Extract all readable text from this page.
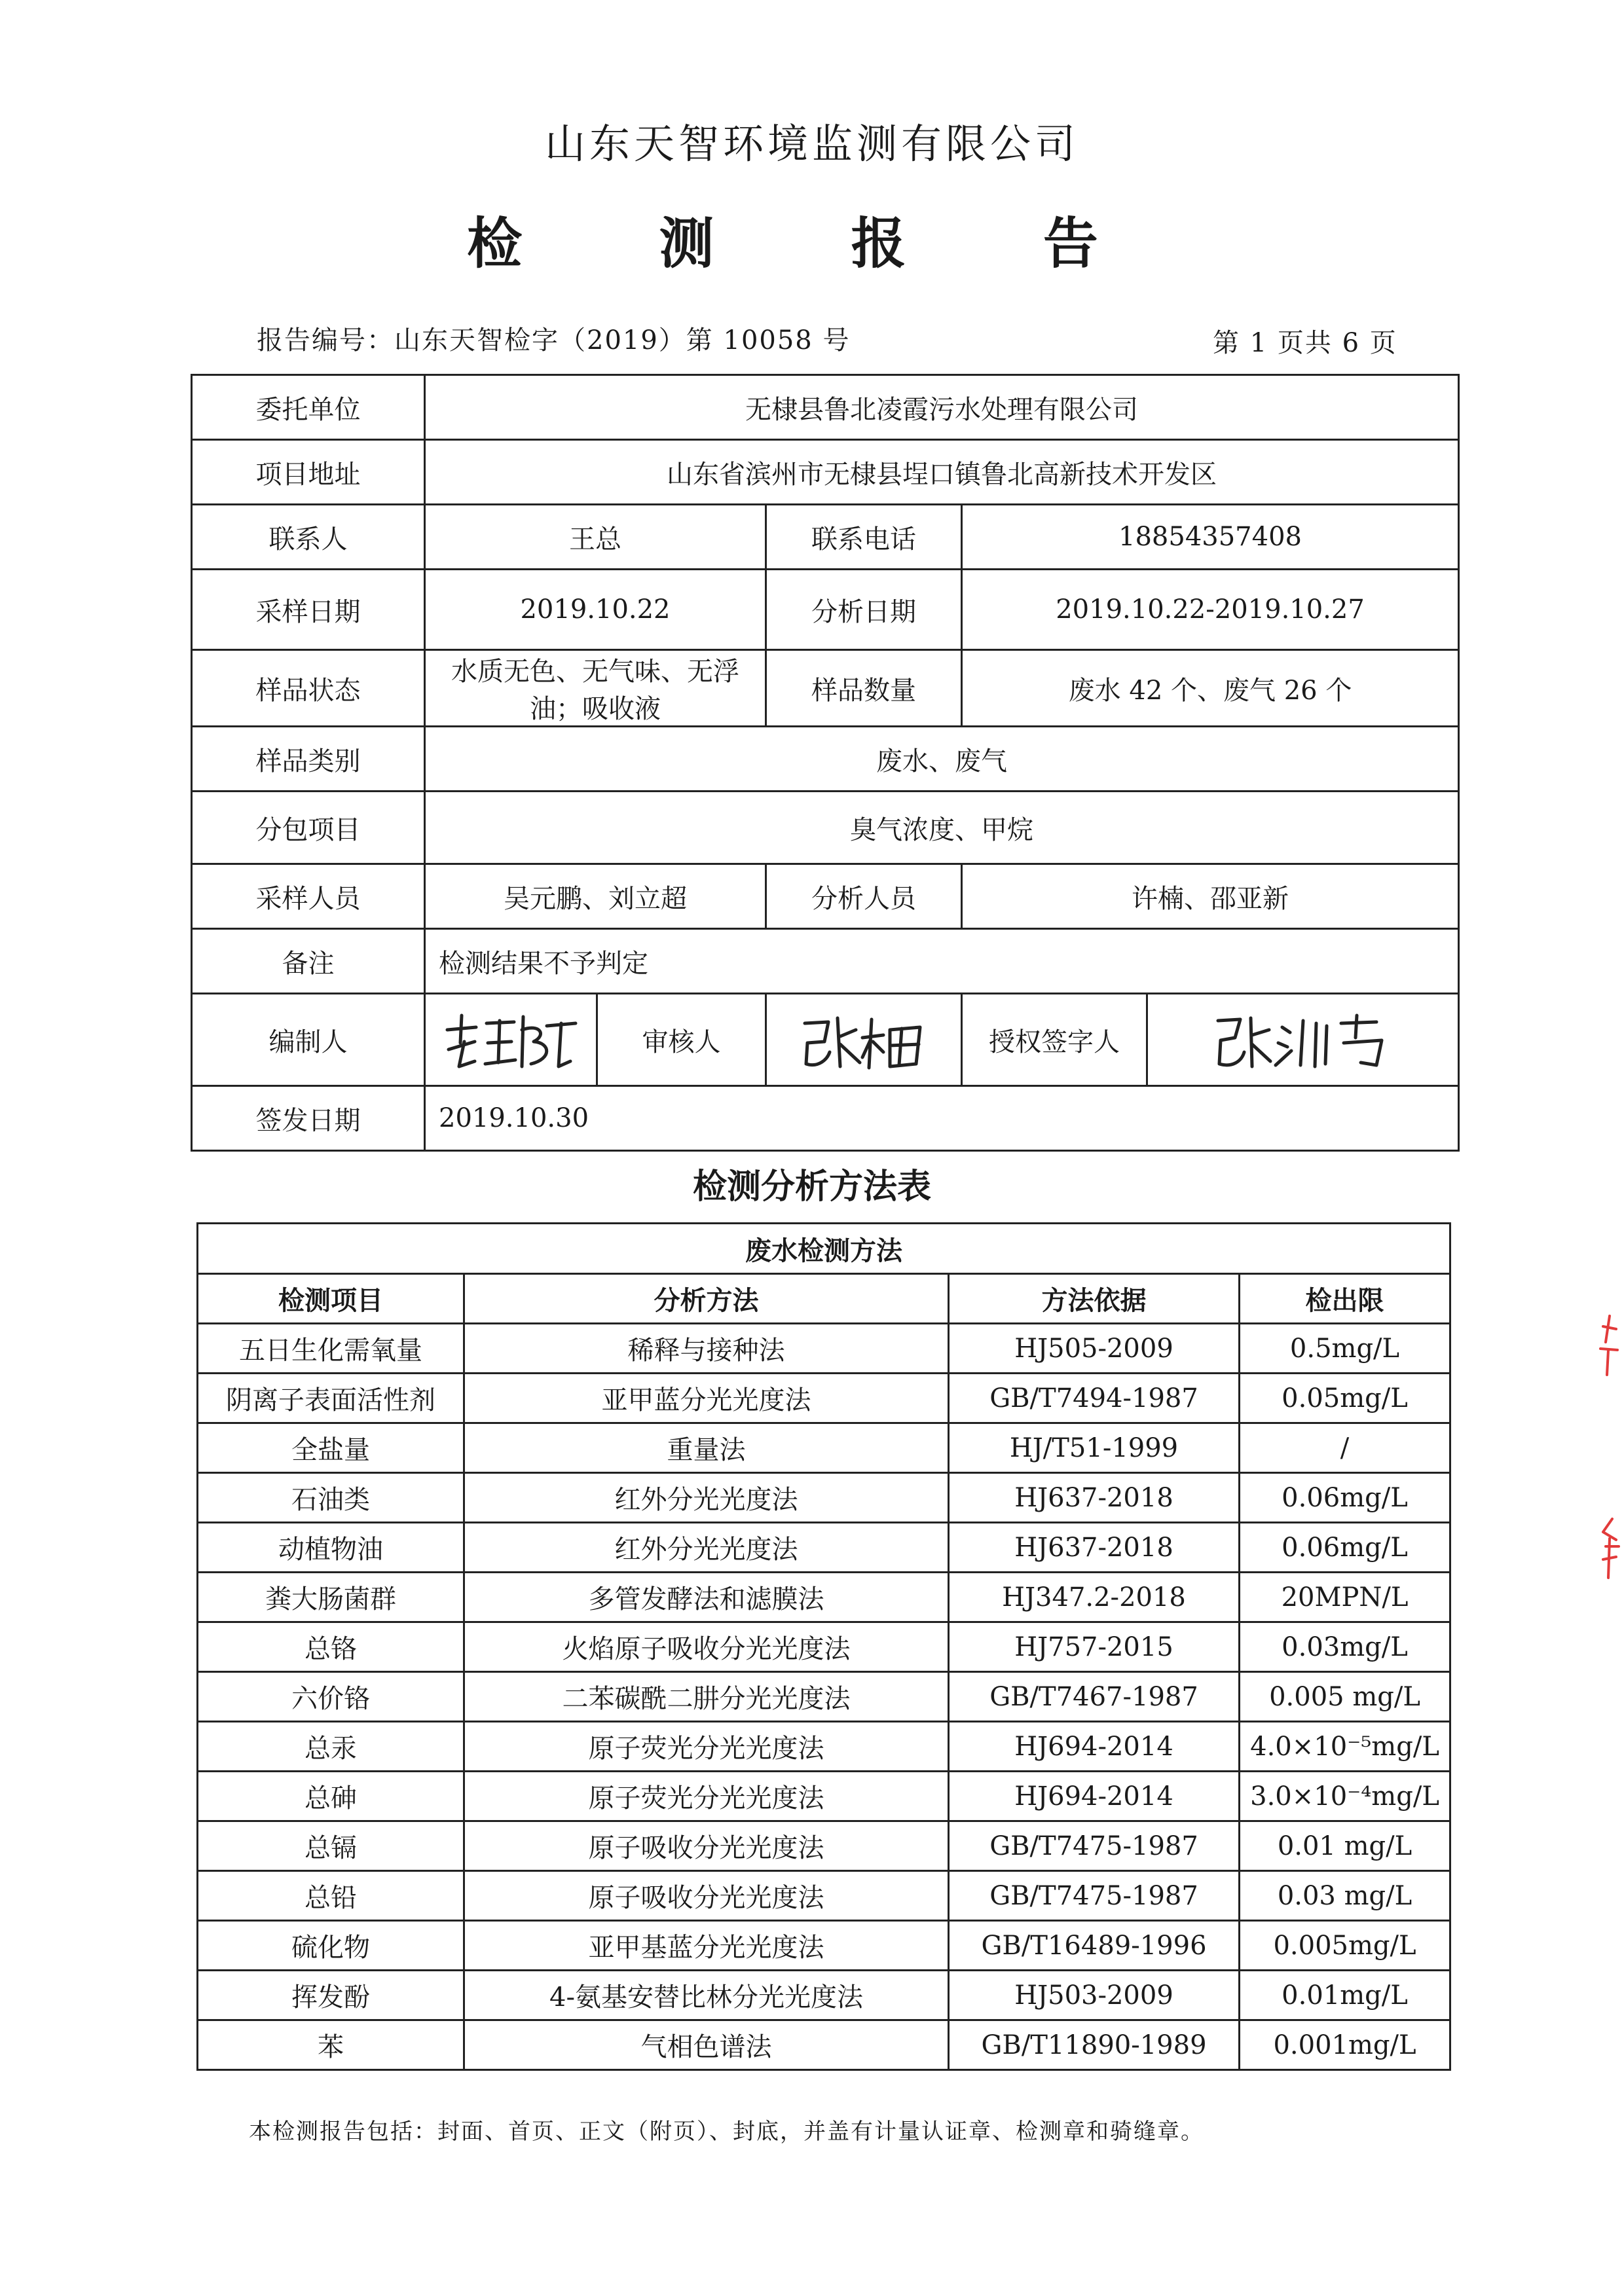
山东天智环境监测有限公司
检 测 报 告
报告编号：山东天智检字（2019）第 10058 号	第 1 页共 6 页
委托单位	无棣县鲁北凌霞污水处理有限公司				
项目地址	山东省滨州市无棣县埕口镇鲁北高新技术开发区				
联系人	王总		联系电话	18854357408	
采样日期	2019.10.22		分析日期	2019.10.22-2019.10.27	
样品状态	水质无色、无气味、无浮油；吸收液		样品数量	废水 42 个、废气 26 个	
样品类别	废水、废气				
分包项目	臭气浓度、甲烷				
采样人员	吴元鹏、刘立超		分析人员	许楠、邵亚新	
备注	检测结果不予判定				
编制人		审核人		授权签字人	

签发日期	2019.10.30				
检测分析方法表
废水检测方法			
检测项目	分析方法	方法依据	检出限
五日生化需氧量	稀释与接种法	HJ505-2009	0.5mg/L
阴离子表面活性剂	亚甲蓝分光光度法	GB/T7494-1987	0.05mg/L
全盐量	重量法	HJ/T51-1999	/
石油类	红外分光光度法	HJ637-2018	0.06mg/L
动植物油	红外分光光度法	HJ637-2018	0.06mg/L
粪大肠菌群	多管发酵法和滤膜法	HJ347.2-2018	20MPN/L
总铬	火焰原子吸收分光光度法	HJ757-2015	0.03mg/L
六价铬	二苯碳酰二肼分光光度法	GB/T7467-1987	0.005 mg/L
总汞	原子荧光分光光度法	HJ694-2014	4.0×10⁻⁵mg/L
总砷	原子荧光分光光度法	HJ694-2014	3.0×10⁻⁴mg/L
总镉	原子吸收分光光度法	GB/T7475-1987	0.01 mg/L
总铅	原子吸收分光光度法	GB/T7475-1987	0.03 mg/L
硫化物	亚甲基蓝分光光度法	GB/T16489-1996	0.005mg/L
挥发酚	4-氨基安替比林分光光度法	HJ503-2009	0.01mg/L
苯	气相色谱法	GB/T11890-1989	0.001mg/L
本检测报告包括：封面、首页、正文（附页）、封底，并盖有计量认证章、检测章和骑缝章。
